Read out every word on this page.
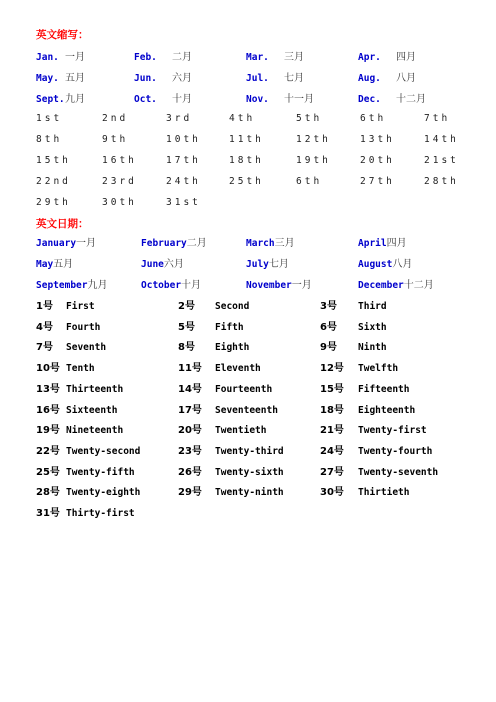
英文缩写：
Jan. 一月	Feb. 二月	Mar. 三月	Apr. 四月
May. 五月	Jun. 六月	Jul. 七月	Aug. 八月
Sept. 九月	Oct. 十月	Nov. 十一月	Dec. 十二月
1st	2nd	3rd	4th	5th	6th	7th
8th	9th	10th	11th	12th	13th	14th
15th	16th	17th	18th	19th	20th	21st
22nd	23rd	24th	25th	6th	27th	28th
29th	30th	31st
英文日期：
January一月	February二月	March三月	April四月
May五月	June六月	July七月	August八月
September九月	October十月	November一月	December十二月
1号 First	2号 Second	3号 Third
4号 Fourth	5号 Fifth	6号 Sixth
7号 Seventh	8号 Eighth	9号 Ninth
10号 Tenth	11号 Eleventh	12号 Twelfth
13号 Thirteenth	14号 Fourteenth	15号 Fifteenth
16号 Sixteenth	17号 Seventeenth	18号 Eighteenth
19号 Nineteenth	20号 Twentieth	21号 Twenty-first
22号 Twenty-second	23号 Twenty-third	24号 Twenty-fourth
25号 Twenty-fifth	26号 Twenty-sixth	27号 Twenty-seventh
28号 Twenty-eighth	29号 Twenty-ninth	30号 Thirtieth
31号 Thirty-first
